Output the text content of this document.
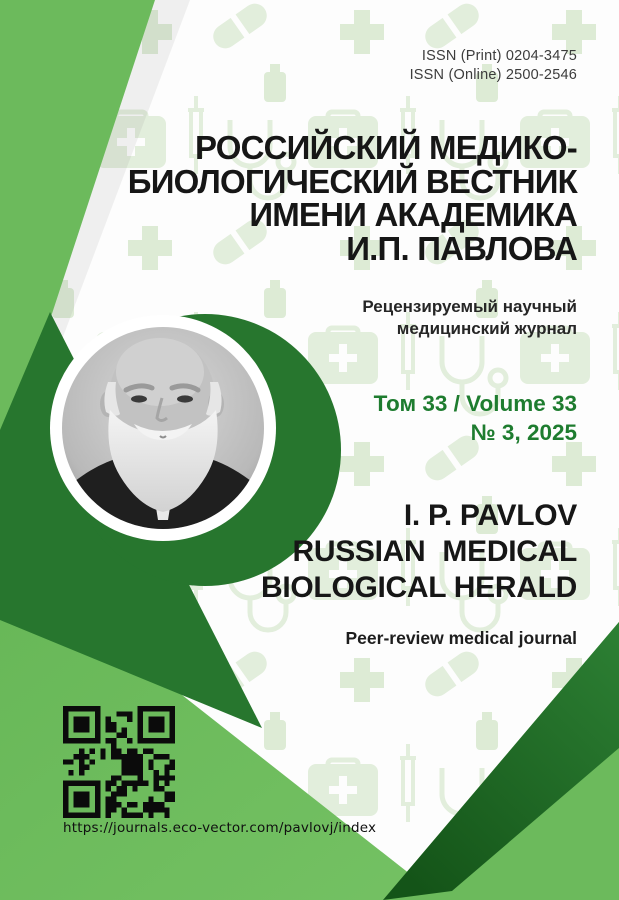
ISSN (Print) 0204-3475
ISSN (Online) 2500-2546
РОССИЙСКИЙ МЕДИКО-
БИОЛОГИЧЕСКИЙ ВЕСТНИК
ИМЕНИ АКАДЕМИКА
И.П. ПАВЛОВА
Рецензируемый научный
медицинский журнал
Том 33 / Volume 33
№ 3, 2025
I. P. PAVLOV
RUSSIAN MEDICAL
BIOLOGICAL HERALD
Peer-review medical journal
https://journals.eco-vector.com/pavlovj/index
